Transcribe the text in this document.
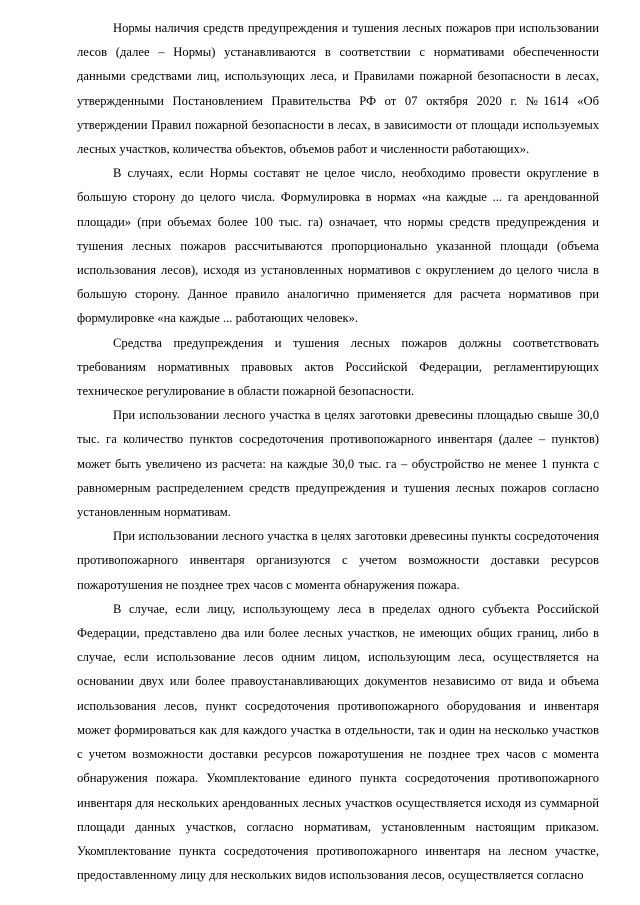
Нормы наличия средств предупреждения и тушения лесных пожаров при использовании лесов (далее – Нормы) устанавливаются в соответствии с нормативами обеспеченности данными средствами лиц, использующих леса, и Правилами пожарной безопасности в лесах, утвержденными Постановлением Правительства РФ от 07 октября 2020 г. №1614 «Об утверждении Правил пожарной безопасности в лесах, в зависимости от площади используемых лесных участков, количества объектов, объемов работ и численности работающих».

В случаях, если Нормы составят не целое число, необходимо провести округление в большую сторону до целого числа. Формулировка в нормах «на каждые ... га арендованной площади» (при объемах более 100 тыс. га) означает, что нормы средств предупреждения и тушения лесных пожаров рассчитываются пропорционально указанной площади (объема использования лесов), исходя из установленных нормативов с округлением до целого числа в большую сторону. Данное правило аналогично применяется для расчета нормативов при формулировке «на каждые ... работающих человек».

Средства предупреждения и тушения лесных пожаров должны соответствовать требованиям нормативных правовых актов Российской Федерации, регламентирующих техническое регулирование в области пожарной безопасности.

При использовании лесного участка в целях заготовки древесины площадью свыше 30,0 тыс. га количество пунктов сосредоточения противопожарного инвентаря (далее – пунктов) может быть увеличено из расчета: на каждые 30,0 тыс. га – обустройство не менее 1 пункта с равномерным распределением средств предупреждения и тушения лесных пожаров согласно установленным нормативам.

При использовании лесного участка в целях заготовки древесины пункты сосредоточения противопожарного инвентаря организуются с учетом возможности доставки ресурсов пожаротушения не позднее трех часов с момента обнаружения пожара.

В случае, если лицу, использующему леса в пределах одного субъекта Российской Федерации, представлено два или более лесных участков, не имеющих общих границ, либо в случае, если использование лесов одним лицом, использующим леса, осуществляется на основании двух или более правоустанавливающих документов независимо от вида и объема использования лесов, пункт сосредоточения противопожарного оборудования и инвентаря может формироваться как для каждого участка в отдельности, так и один на несколько участков с учетом возможности доставки ресурсов пожаротушения не позднее трех часов с момента обнаружения пожара. Укомплектование единого пункта сосредоточения противопожарного инвентаря для нескольких арендованных лесных участков осуществляется исходя из суммарной площади данных участков, согласно нормативам, установленным настоящим приказом. Укомплектование пункта сосредоточения противопожарного инвентаря на лесном участке, предоставленному лицу для нескольких видов использования лесов, осуществляется согласно
